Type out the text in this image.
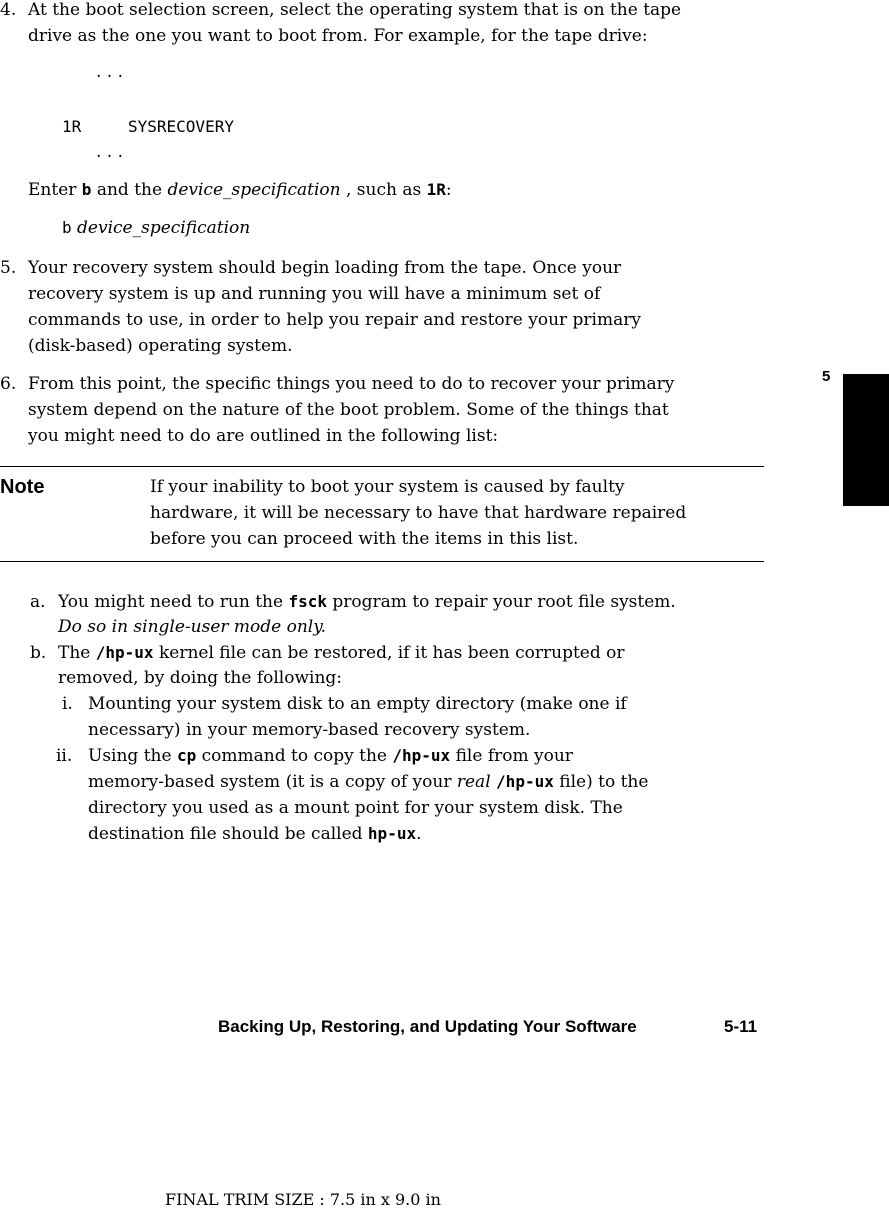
4. At the boot selection screen, select the operating system that is on the tape
drive as the one you want to boot from. For example, for the tape drive:
. . .
1R	SYSRECOVERY
. . .
Enter b and the device_specification , such as 1R:
b device_specification
5. Your recovery system should begin loading from the tape. Once your
recovery system is up and running you will have a minimum set of
commands to use, in order to help you repair and restore your primary
(disk-based) operating system.
6. From this point, the specific things you need to do to recover your primary
system depend on the nature of the boot problem. Some of the things that
you might need to do are outlined in the following list:
5
Note	If your inability to boot your system is caused by faulty
hardware, it will be necessary to have that hardware repaired
before you can proceed with the items in this list.
a. You might need to run the fsck program to repair your root file system.
Do so in single-user mode only.
b. The /hp-ux kernel file can be restored, if it has been corrupted or
removed, by doing the following:
i. Mounting your system disk to an empty directory (make one if
necessary) in your memory-based recovery system.
ii. Using the cp command to copy the /hp-ux file from your
memory-based system (it is a copy of your real /hp-ux file) to the
directory you used as a mount point for your system disk. The
destination file should be called hp-ux.
Backing Up, Restoring, and Updating Your Software	5-11
FINAL TRIM SIZE : 7.5 in x 9.0 in
